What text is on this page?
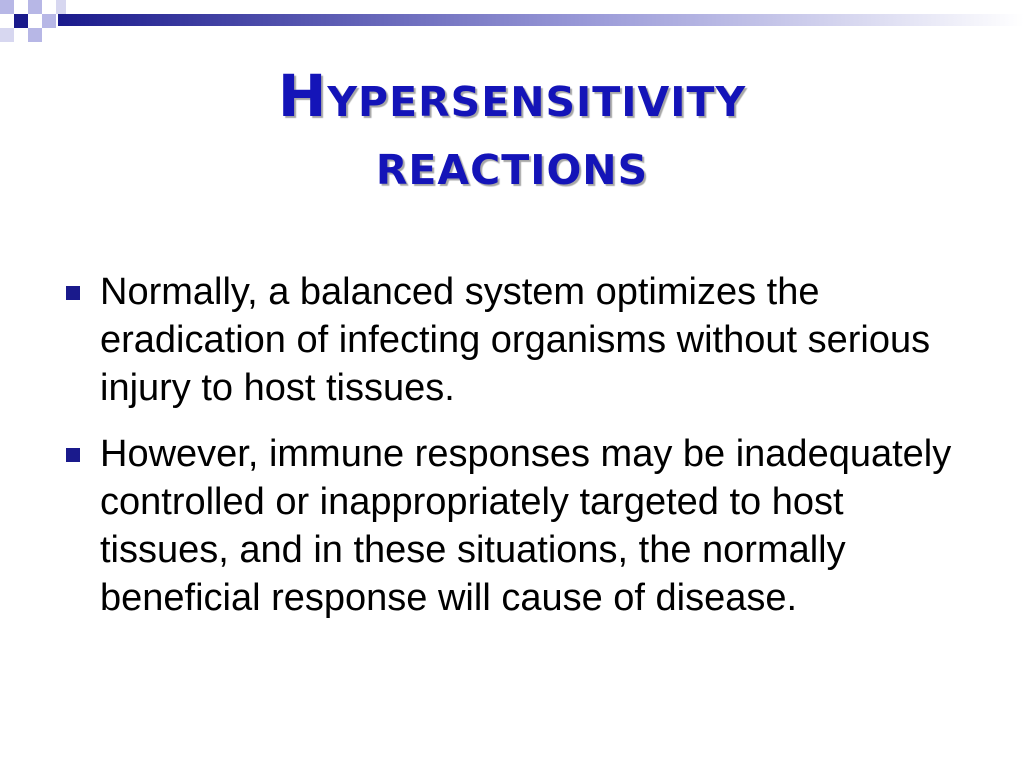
Hypersensitivity
reactions
Normally, a balanced system optimizes the eradication of infecting organisms without serious injury to host tissues.
However, immune responses may be inadequately controlled or inappropriately targeted to host tissues, and in these situations, the normally beneficial response will cause of disease.
